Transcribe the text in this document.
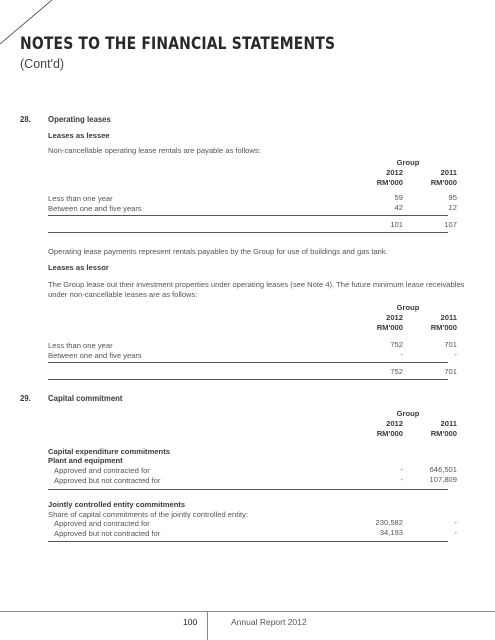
NOTES TO THE FINANCIAL STATEMENTS
(Cont'd)
28. Operating leases
Leases as lessee
Non-cancellable operating lease rentals are payable as follows:
Group
2012	2011
RM'000	RM'000
Less than one year	59	95
Between one and five years	42	12
101	107
Operating lease payments represent rentals payables by the Group for use of buildings and gas tank.
Leases as lessor
The Group lease out their investment properties under operating leases (see Note 4). The future minimum lease receivables
under non-cancellable leases are as follows:
Group
2012	2011
RM'000	RM'000
Less than one year	752	701
Between one and five years	-	-
752	701
29. Capital commitment
Group
2012	2011
RM'000	RM'000
Capital expenditure commitments
Plant and equipment
Approved and contracted for	-	646,501
Approved but not contracted for	-	107,809
Jointly controlled entity commitments
Share of capital commitments of the jointly controlled entity:
Approved and contracted for	230,582	-
Approved but not contracted for	34,193	-
100	Annual Report 2012
